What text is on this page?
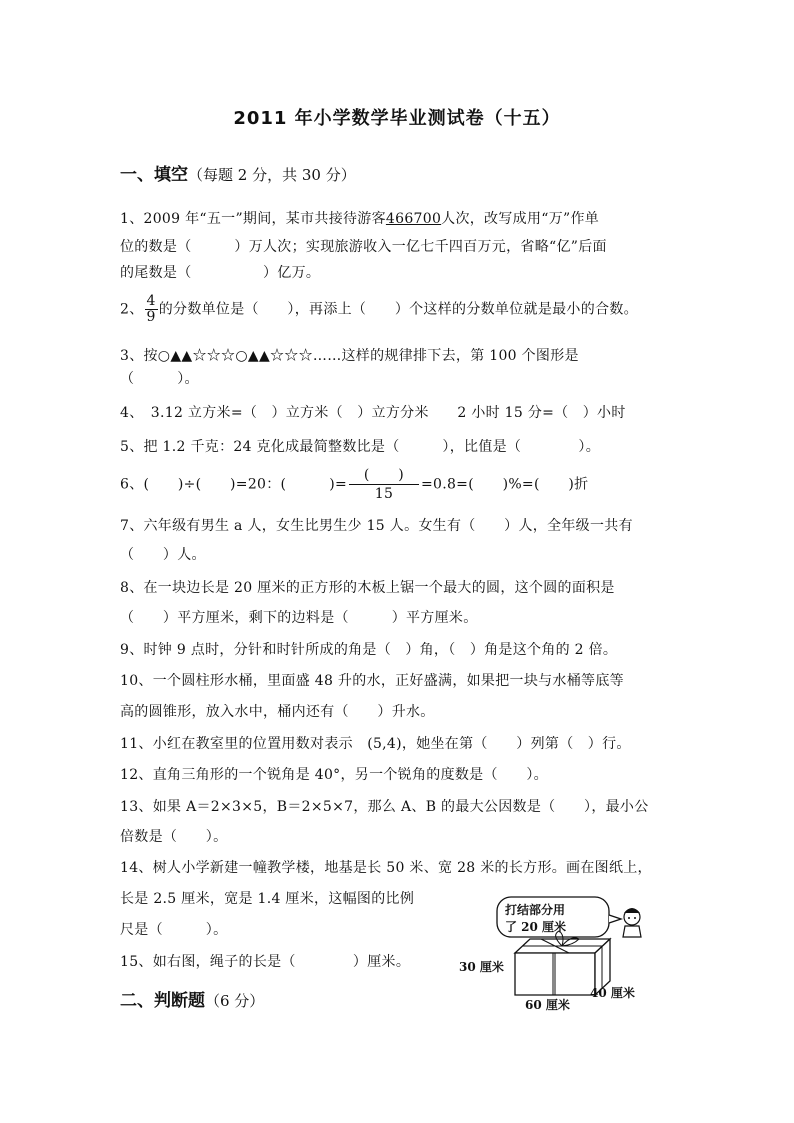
2011 年小学数学毕业测试卷（十五）
一、填空（每题 2 分，共 30 分）
1、2009 年“五一”期间，某市共接待游客466700人次，改写成用“万”作单
位的数是（　　　）万人次；实现旅游收入一亿七千四百万元，省略“亿”后面
的尾数是（　　　　　）亿万。
2、 $\frac{4}{9}$ 的分数单位是（　　），再添上（　　）个这样的分数单位就是最小的合数。
3、按○▲▲☆☆☆○▲▲☆☆☆……这样的规律排下去，第 100 个图形是
（　　　）。
4、　3.12 立方米=（　）立方米（　）立方分米　　2 小时 15 分=（　）小时
5、把 1.2 千克：24 克化成最简整数比是（　　　），比值是（　　　　）。
6、(　　)÷(　　)=20：(　　　)= $\frac{( )}{15} =0.8=$(　　)%=(　　)折
7、六年级有男生 a 人，女生比男生少 15 人。女生有（　　）人，全年级一共有
（　　）人。
8、在一块边长是 20 厘米的正方形的木板上锯一个最大的圆，这个圆的面积是
（　　）平方厘米，剩下的边料是（　　　）平方厘米。
9、时钟 9 点时，分针和时针所成的角是（　）角，（　）角是这个角的 2 倍。
10、一个圆柱形水桶，里面盛 48 升的水，正好盛满，如果把一块与水桶等底等
高的圆锥形，放入水中，桶内还有（　　）升水。
11、小红在教室里的位置用数对表示　(5,4)，她坐在第（　　）列第（　）行。
12、直角三角形的一个锐角是 40°，另一个锐角的度数是（　　）。
13、如果 A＝2×3×5，B＝2×5×7，那么 A、B 的最大公因数是（　　），最小公
倍数是（　　）。
14、树人小学新建一幢教学楼，地基是长 50 米、宽 28 米的长方形。画在图纸上，
长是 2.5 厘米，宽是 1.4 厘米，这幅图的比例
尺是（　　　）。
15、如右图，绳子的长是（　　　　）厘米。
二、判断题（6 分）
打结部分用
了 20 厘米
30 厘米
60 厘米
40 厘米
